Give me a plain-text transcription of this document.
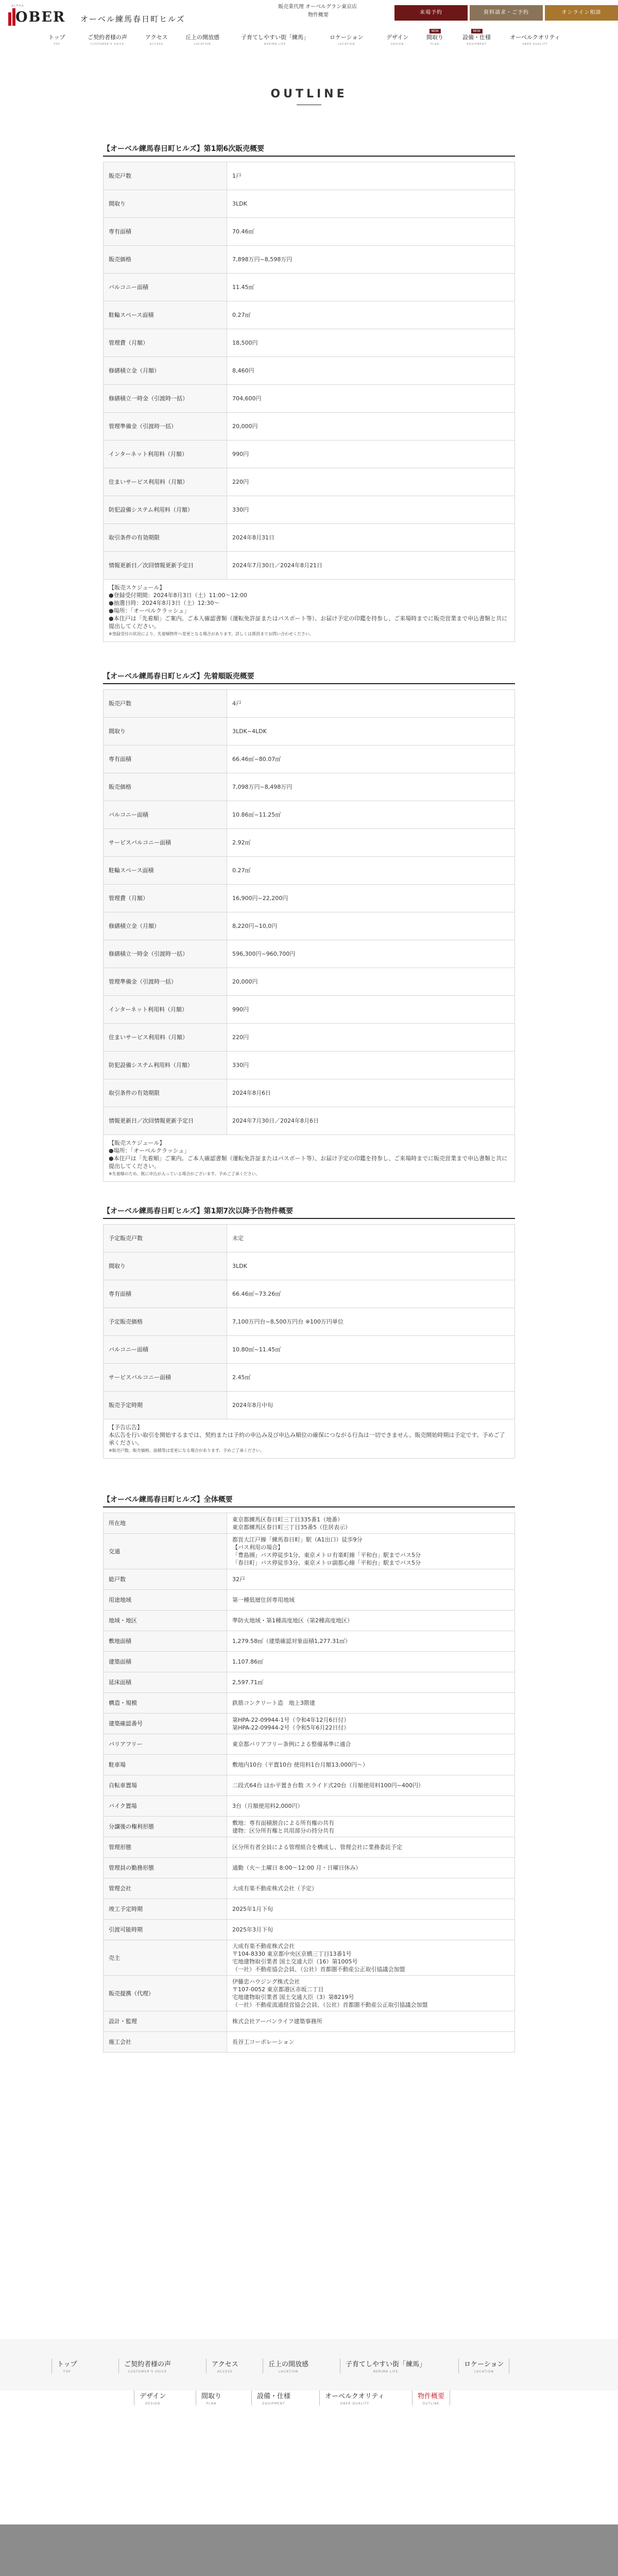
ALPHA
OBER オーベル練馬春日町ヒルズ
販売業代理 オーベルグラン東京店
物件概要	来場予約	資料請求・ご予約	オンライン相談
トップ
TOP
ご契約者様の声
CUSTOMER'S VOICE
アクセス
ACCESS
丘上の開放感
LOCATION
子育てしやすい街「練馬」
NERIMA LIFE
ロケーション
LOCATION
デザイン
DESIGN
NEW
間取り
PLAN
NEW
設備・仕様
EQUIPMENT
オーベルクオリティ
OBER QUALITY
OUTLINE
【オーベル練馬春日町ヒルズ】第1期6次販売概要
販売戸数	1戸
間取り	3LDK
専有面積	70.46㎡
販売価格	7,898万円~8,598万円
バルコニー面積	11.45㎡
駐輪スペース面積	0.27㎡
管理費（月額）	18,500円
修繕積立金（月額）	8,460円
修繕積立一時金（引渡時一括）	704,600円
管理準備金（引渡時一括）	20,000円
インターネット利用料（月額）	990円
住まいサービス利用料（月額）	220円
防犯設備システム利用料（月額）	330円
取引条件の有効期限	2024年8月31日
情報更新日／次回情報更新予定日	2024年7月30日／2024年8月21日
【販売スケジュール】
●登録受付期間：2024年8月3日（土）11:00～12:00
●抽選日時：2024年8月3日（土）12:30～
●場所：「オーベルクラッシュ」
●本住戸は「先着順」ご案内。ご本人確認書類（運転免許証またはパスポート等）、お届け予定の印鑑を持参し、ご来場時までに販売営業まで申込書類と共に提出してください。
※登録受付の状況により、先着順物件へ変更となる場合があります。詳しくは係員までお問い合わせください。
【オーベル練馬春日町ヒルズ】先着順販売概要
販売戸数	4戸
間取り	3LDK~4LDK
専有面積	66.46㎡~80.07㎡
販売価格	7,098万円~8,498万円
バルコニー面積	10.86㎡~11.25㎡
サービスバルコニー面積	2.92㎡
駐輪スペース面積	0.27㎡
管理費（月額）	16,900円~22,200円
修繕積立金（月額）	8,220円~10,0円
修繕積立一時金（引渡時一括）	596,300円~960,700円
管理準備金（引渡時一括）	20,000円
インターネット利用料（月額）	990円
住まいサービス利用料（月額）	220円
防犯設備システム利用料（月額）	330円
取引条件の有効期限	2024年8月6日
情報更新日／次回情報更新予定日	2024年7月30日／2024年8月6日
【販売スケジュール】
●場所：「オーベルクラッシュ」
●本住戸は「先着順」ご案内。ご本人確認書類（運転免許証またはパスポート等）、お届け予定の印鑑を持参し、ご来場時までに販売営業まで申込書類と共に提出してください。
※先着順のため、既に申込が入っている場合がございます。予めご了承ください。
【オーベル練馬春日町ヒルズ】第1期7次以降予告物件概要
予定販売戸数	未定
間取り	3LDK
専有面積	66.46㎡~73.26㎡
予定販売価格	7,100万円台~8,500万円台 ※100万円単位
バルコニー面積	10.80㎡~11.45㎡
サービスバルコニー面積	2.45㎡
販売予定時期	2024年8月中旬
【予告広告】
本広告を行い取引を開始するまでは、契約または予約の申込み及び申込み順位の確保につながる行為は一切できません。販売開始時期は予定です。予めご了承ください。
※販売戸数、販売価格、面積等は変更になる場合があります。予めご了承ください。
【オーベル練馬春日町ヒルズ】全体概要
所在地	東京都練馬区春日町三丁目335番1（地番）
東京都練馬区春日町三丁目35番5（住居表示）
交通	都営大江戸線「練馬春日町」駅（A1出口）徒歩9分
【バス利用の場合】
「豊島園」バス停徒歩1分、東京メトロ有楽町線「平和台」駅までバス5分
「春日町」バス停徒歩3分、東京メトロ副都心線「平和台」駅までバス5分
総戸数	32戸
用途地域	第一種低層住居専用地域
地域・地区	準防火地域・第1種高度地区（第2種高度地区）
敷地面積	1,279.58㎡（建築確認対象面積1,277.31㎡）
建築面積	1,107.86㎡
延床面積	2,597.71㎡
構造・規模	鉄筋コンクリート造　地上3階建
建築確認番号	第HPA-22-09944-1号（令和4年12月6日付）
第HPA-22-09944-2号（令和5年6月22日付）
バリアフリー	東京都バリアフリー条例による整備基準に適合
駐車場	敷地内10台（平置10台 使用料1台月額13,000円〜）
自転車置場	二段式64台 ほか平置き台数 スライド式20台（月額使用料100円~400円）
バイク置場	3台（月額使用料2,000円）
分譲後の権利形態	敷地：専有面積割合による所有権の共有
建物：区分所有権と共用部分の持分共有
管理形態	区分所有者全員による管理組合を構成し、管理会社に業務委託予定
管理員の勤務形態	通勤（火～土曜日 8:00～12:00 月・日曜日休み）
管理会社	大成有楽不動産株式会社（予定）
竣工予定時期	2025年1月下旬
引渡可能時期	2025年3月下旬
売主	大成有楽不動産株式会社
〒104-8330 東京都中央区京橋三丁目13番1号
宅地建物取引業者 国土交通大臣（16）第1005号
（一社）不動産協会会員、（公社）首都圏不動産公正取引協議会加盟
販売提携（代理）	伊藤忠ハウジング株式会社
〒107-0052 東京都港区赤坂二丁目
宅地建物取引業者 国土交通大臣（3）第8219号
（一社）不動産流通経営協会会員、（公社）首都圏不動産公正取引協議会加盟
設計・監理	株式会社アーバンライフ建築事務所
施工会社	長谷工コーポレーション
トップ
TOP
ご契約者様の声
CUSTOMER'S VOICE
アクセス
ACCESS
丘上の開放感
LOCATION
子育てしやすい街「練馬」
NERIMA LIFE
ロケーション
LOCATION
デザイン
DESIGN
間取り
PLAN
設備・仕様
EQUIPMENT
オーベルクオリティ
OBER QUALITY
物件概要
OUTLINE
